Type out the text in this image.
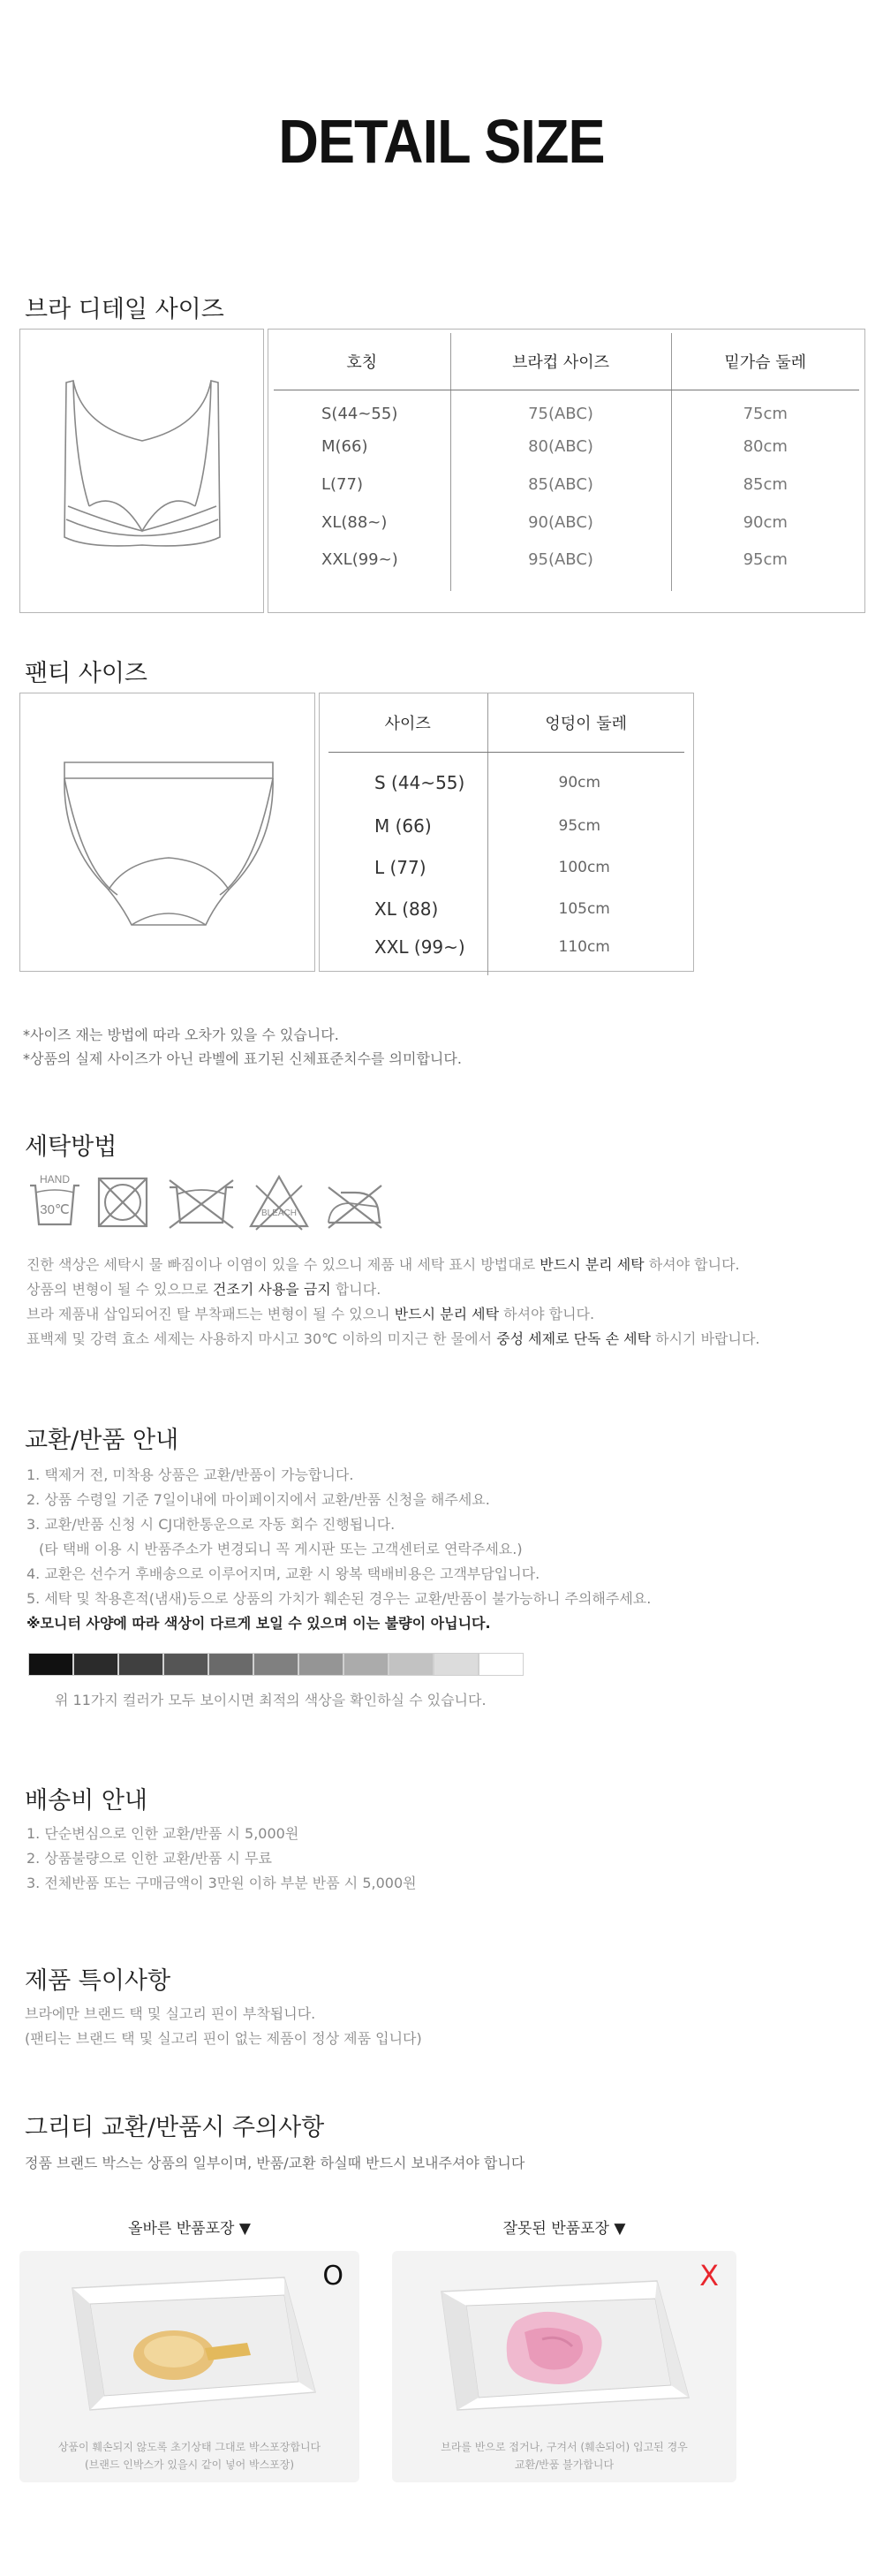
DETAIL SIZE
브라 디테일 사이즈
호칭	브라컵 사이즈	밑가슴 둘레
S(44~55)	75(ABC)	75cm
M(66)	80(ABC)	80cm
L(77)	85(ABC)	85cm
XL(88~)	90(ABC)	90cm
XXL(99~)	95(ABC)	95cm
팬티 사이즈
사이즈	엉덩이 둘레
S (44~55)	90cm
M (66)	95cm
L (77)	100cm
XL (88)	105cm
XXL (99~)	110cm
*사이즈 재는 방법에 따라 오차가 있을 수 있습니다.
*상품의 실제 사이즈가 아닌 라벨에 표기된 신체표준치수를 의미합니다.
세탁방법
HAND
30℃	BLEACH
진한 색상은 세탁시 물 빠짐이나 이염이 있을 수 있으니 제품 내 세탁 표시 방법대로 반드시 분리 세탁 하셔야 합니다.
상품의 변형이 될 수 있으므로 건조기 사용을 금지 합니다.
브라 제품내 삽입되어진 탈 부착패드는 변형이 될 수 있으니 반드시 분리 세탁 하셔야 합니다.
표백제 및 강력 효소 세제는 사용하지 마시고 30℃ 이하의 미지근 한 물에서 중성 세제로 단독 손 세탁 하시기 바랍니다.
교환/반품 안내
1. 택제거 전, 미착용 상품은 교환/반품이 가능합니다.
2. 상품 수령일 기준 7일이내에 마이페이지에서 교환/반품 신청을 해주세요.
3. 교환/반품 신청 시 CJ대한통운으로 자동 회수 진행됩니다.
(타 택배 이용 시 반품주소가 변경되니 꼭 게시판 또는 고객센터로 연락주세요.)
4. 교환은 선수거 후배송으로 이루어지며, 교환 시 왕복 택배비용은 고객부담입니다.
5. 세탁 및 착용흔적(냄새)등으로 상품의 가치가 훼손된 경우는 교환/반품이 불가능하니 주의해주세요.
※모니터 사양에 따라 색상이 다르게 보일 수 있으며 이는 불량이 아닙니다.
위 11가지 컬러가 모두 보이시면 최적의 색상을 확인하실 수 있습니다.
배송비 안내
1. 단순변심으로 인한 교환/반품 시 5,000원
2. 상품불량으로 인한 교환/반품 시 무료
3. 전체반품 또는 구매금액이 3만원 이하 부분 반품 시 5,000원
제품 특이사항
브라에만 브랜드 택 및 실고리 핀이 부착됩니다.
(팬티는 브랜드 택 및 실고리 핀이 없는 제품이 정상 제품 입니다)
그리티 교환/반품시 주의사항
정품 브랜드 박스는 상품의 일부이며, 반품/교환 하실때 반드시 보내주셔야 합니다
올바른 반품포장 ▼	잘못된 반품포장 ▼
O
상품이 훼손되지 않도록 초기상태 그대로 박스포장합니다
(브랜드 인박스가 있을시 같이 넣어 박스포장)
X
브라를 반으로 접거나, 구겨서 (훼손되어) 입고된 경우
교환/반품 불가합니다
